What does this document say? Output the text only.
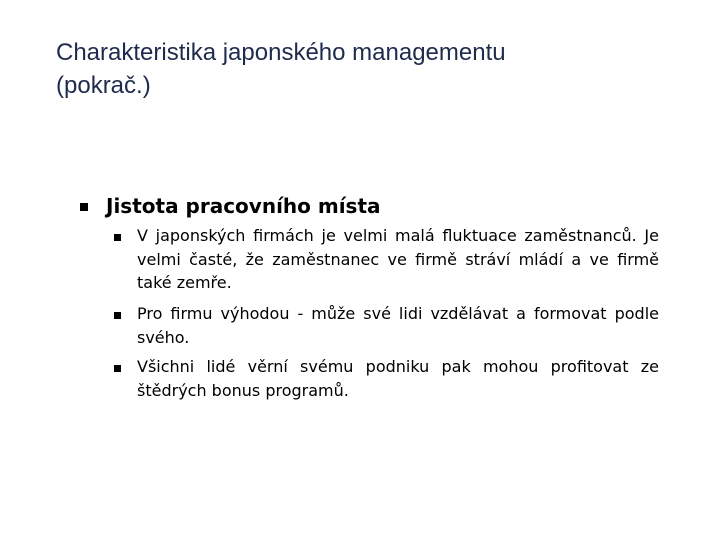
Charakteristika japonského managementu
(pokrač.)
Jistota pracovního místa
V japonských firmách je velmi malá fluktuace zaměstnanců. Je velmi časté, že zaměstnanec ve firmě stráví mládí a ve firmě také zemře.
Pro firmu výhodou - může své lidi vzdělávat a formovat podle svého.
Všichni lidé věrní svému podniku pak mohou profitovat ze štědrých bonus programů.
